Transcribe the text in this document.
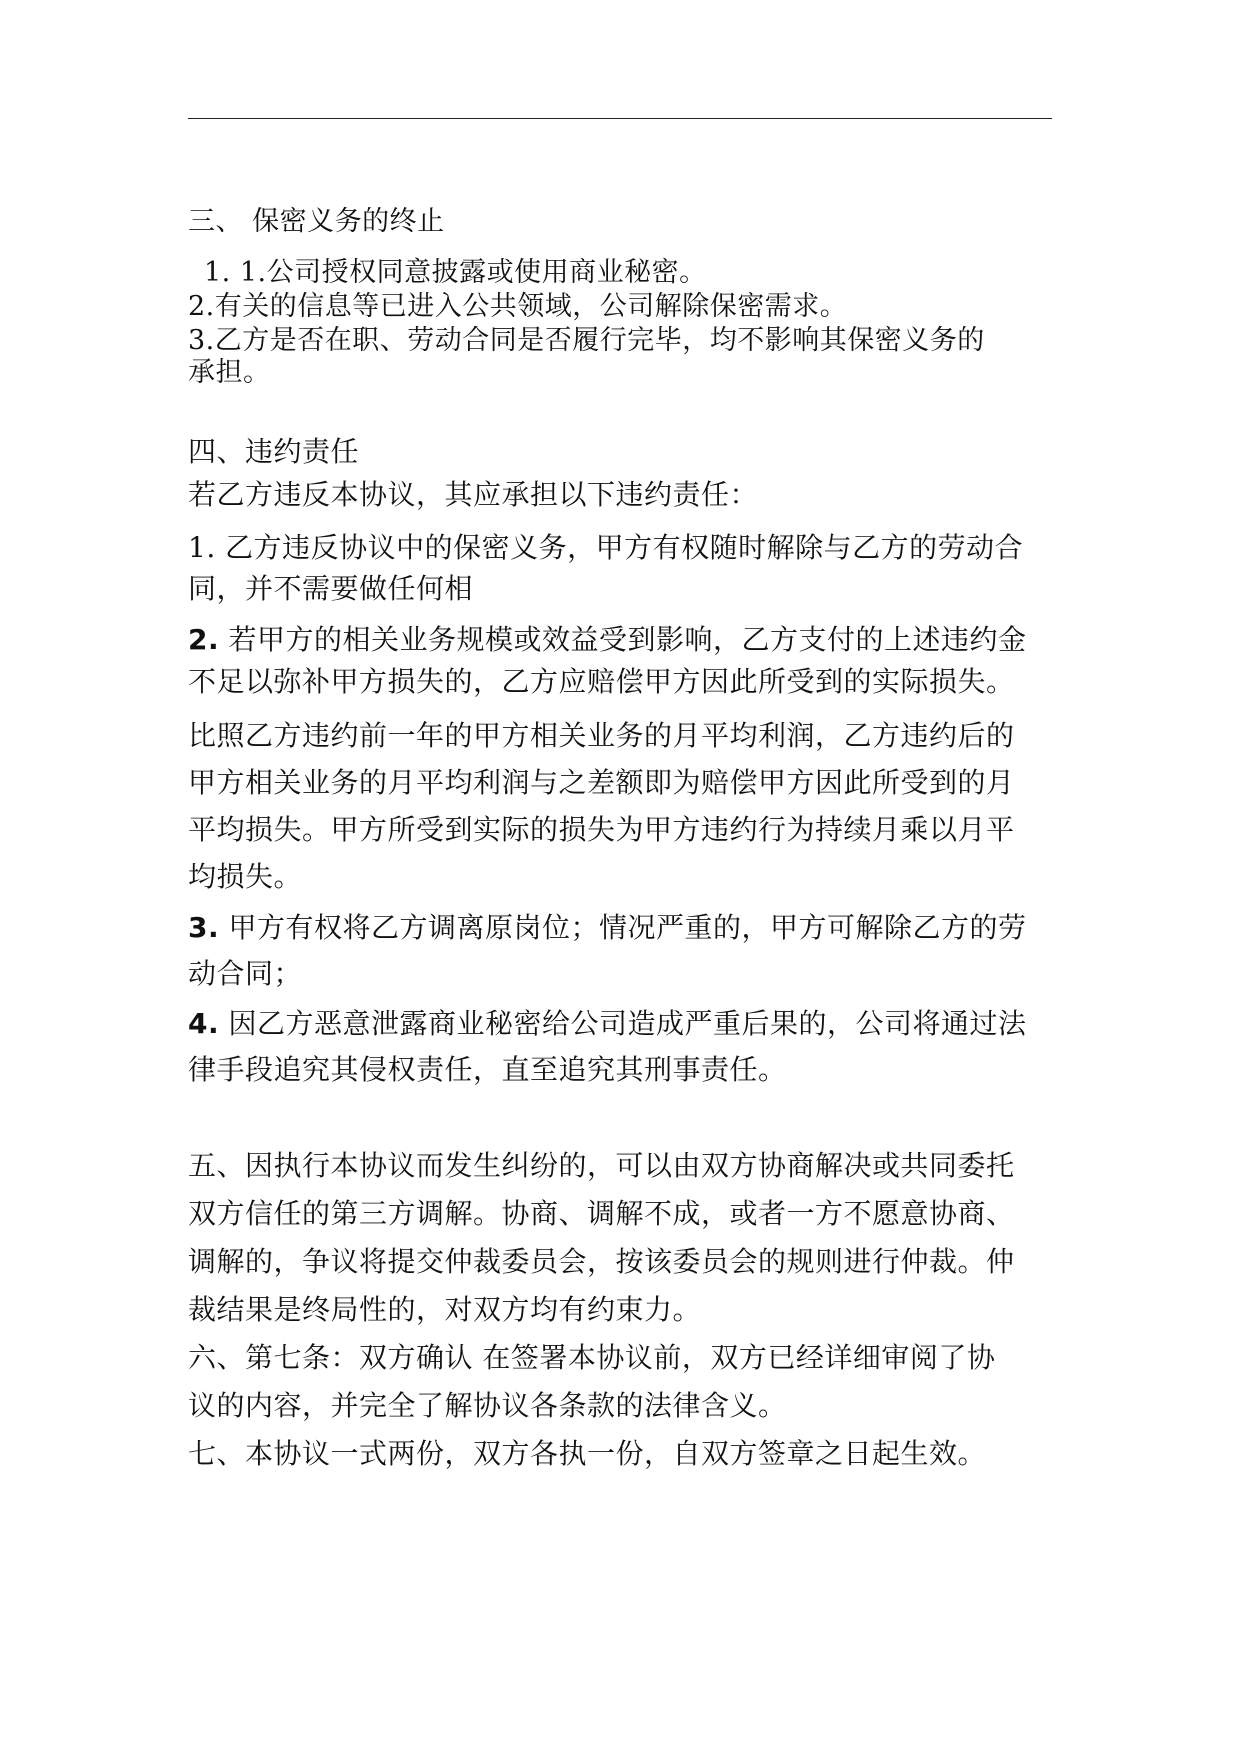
三、 保密义务的终止
1. 1.公司授权同意披露或使用商业秘密。
2.有关的信息等已进入公共领域，公司解除保密需求。
3.乙方是否在职、劳动合同是否履行完毕，均不影响其保密义务的
承担。
四、违约责任
若乙方违反本协议，其应承担以下违约责任：
1. 乙方违反协议中的保密义务，甲方有权随时解除与乙方的劳动合
同，并不需要做任何相
2. 若甲方的相关业务规模或效益受到影响，乙方支付的上述违约金
不足以弥补甲方损失的，乙方应赔偿甲方因此所受到的实际损失。
比照乙方违约前一年的甲方相关业务的月平均利润，乙方违约后的
甲方相关业务的月平均利润与之差额即为赔偿甲方因此所受到的月
平均损失。甲方所受到实际的损失为甲方违约行为持续月乘以月平
均损失。
3. 甲方有权将乙方调离原岗位；情况严重的，甲方可解除乙方的劳
动合同；
4. 因乙方恶意泄露商业秘密给公司造成严重后果的，公司将通过法
律手段追究其侵权责任，直至追究其刑事责任。
五、因执行本协议而发生纠纷的，可以由双方协商解决或共同委托
双方信任的第三方调解。协商、调解不成，或者一方不愿意协商、
调解的，争议将提交仲裁委员会，按该委员会的规则进行仲裁。仲
裁结果是终局性的，对双方均有约束力。
六、第七条：双方确认 在签署本协议前，双方已经详细审阅了协
议的内容，并完全了解协议各条款的法律含义。
七、本协议一式两份，双方各执一份，自双方签章之日起生效。
